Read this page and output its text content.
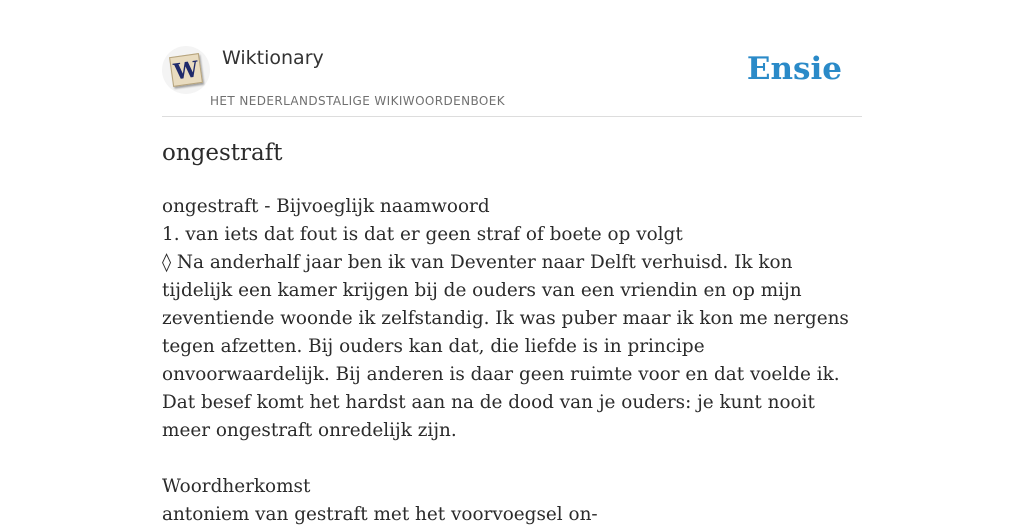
W Wiktionary
HET NEDERLANDSTALIGE WIKIWOORDENBOEK
Ensie
ongestraft

ongestraft - Bijvoeglijk naamwoord

1. van iets dat fout is dat er geen straf of boete op volgt

◊ Na anderhalf jaar ben ik van Deventer naar Delft verhuisd. Ik kon tijdelijk een kamer krijgen bij de ouders van een vriendin en op mijn zeventiende woonde ik zelfstandig. Ik was puber maar ik kon me nergens tegen afzetten. Bij ouders kan dat, die liefde is in principe onvoorwaardelijk. Bij anderen is daar geen ruimte voor en dat voelde ik. Dat besef komt het hardst aan na de dood van je ouders: je kunt nooit meer ongestraft onredelijk zijn.

Woordherkomst

antoniem van gestraft met het voorvoegsel on-
